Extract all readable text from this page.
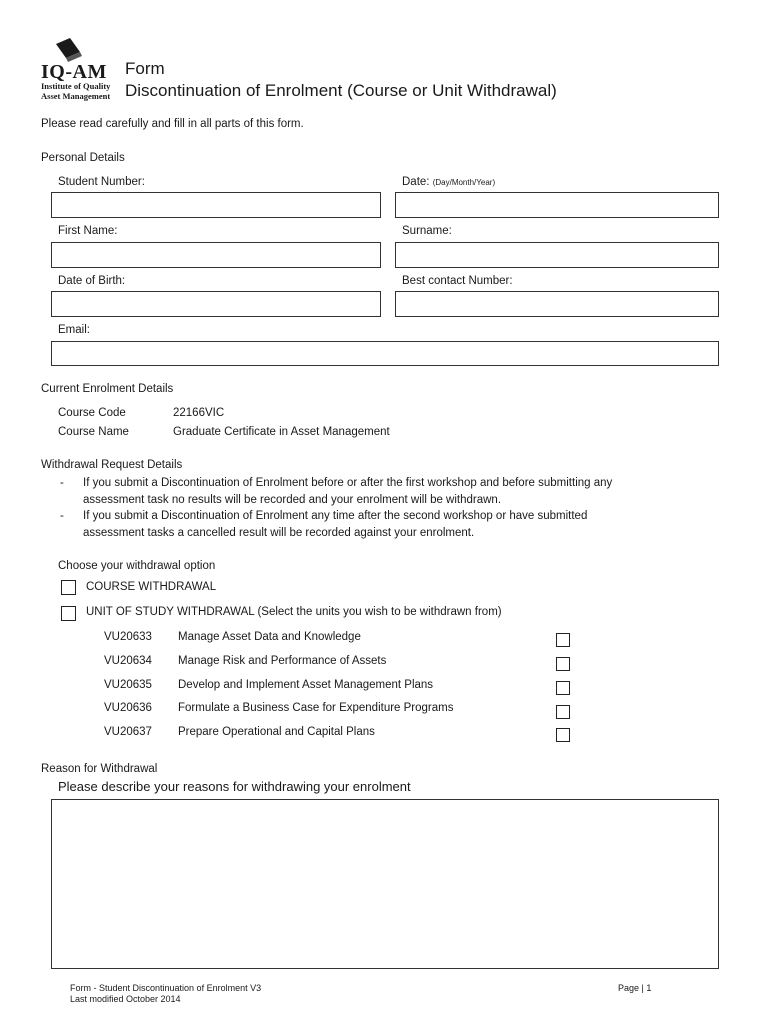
IQ-AM
Institute of Quality
Asset Management
Form
Discontinuation of Enrolment (Course or Unit Withdrawal)
Please read carefully and fill in all parts of this form.
Personal Details
Student Number:	Date: (Day/Month/Year)
First Name:	Surname:
Date of Birth:	Best contact Number:
Email:
Current Enrolment Details
Course Code	22166VIC
Course Name	Graduate Certificate in Asset Management
Withdrawal Request Details
- If you submit a Discontinuation of Enrolment before or after the first workshop and before submitting any
assessment task no results will be recorded and your enrolment will be withdrawn.
- If you submit a Discontinuation of Enrolment any time after the second workshop or have submitted
assessment tasks a cancelled result will be recorded against your enrolment.
Choose your withdrawal option
COURSE WITHDRAWAL
UNIT OF STUDY WITHDRAWAL (Select the units you wish to be withdrawn from)
VU20633 Manage Asset Data and Knowledge
VU20634 Manage Risk and Performance of Assets
VU20635 Develop and Implement Asset Management Plans
VU20636 Formulate a Business Case for Expenditure Programs
VU20637 Prepare Operational and Capital Plans
Reason for Withdrawal
Please describe your reasons for withdrawing your enrolment
Form - Student Discontinuation of Enrolment V3
Last modified October 2014
Page | 1
